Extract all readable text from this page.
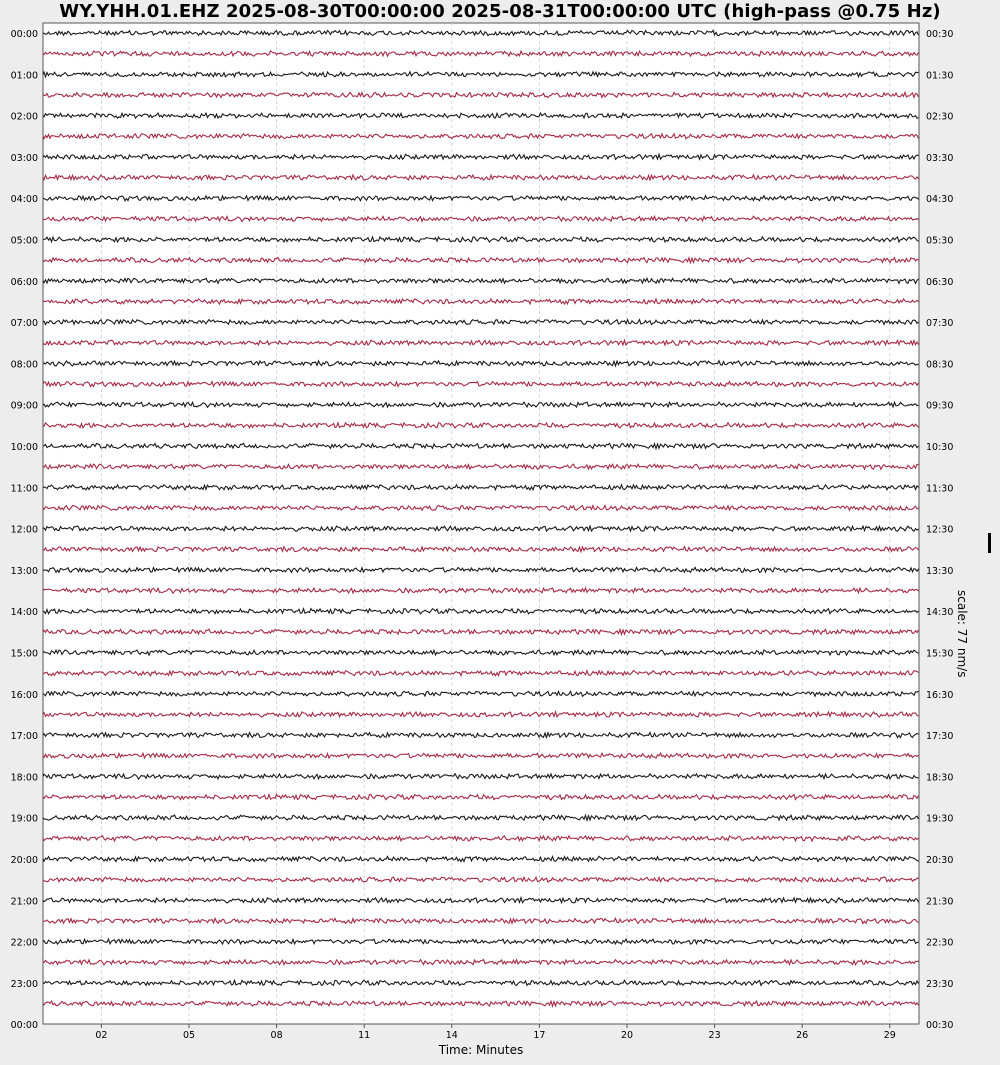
WY.YHH.01.EHZ 2025-08-30T00:00:00 2025-08-31T00:00:00 UTC (high-pass @0.75 Hz)
00:00
01:00
02:00
03:00
04:00
05:00
06:00
07:00
08:00
09:00
10:00
11:00
12:00
13:00
14:00
15:00
16:00
17:00
18:00
19:00
20:00
21:00
22:00
23:00
00:00
00:30
01:30
02:30
03:30
04:30
05:30
06:30
07:30
08:30
09:30
10:30
11:30
12:30
13:30
14:30
15:30
16:30
17:30
18:30
19:30
20:30
21:30
22:30
23:30
00:30
02	05	08	11	14	17	20	23	26	29
Time: Minutes
scale: 77 nm/s
